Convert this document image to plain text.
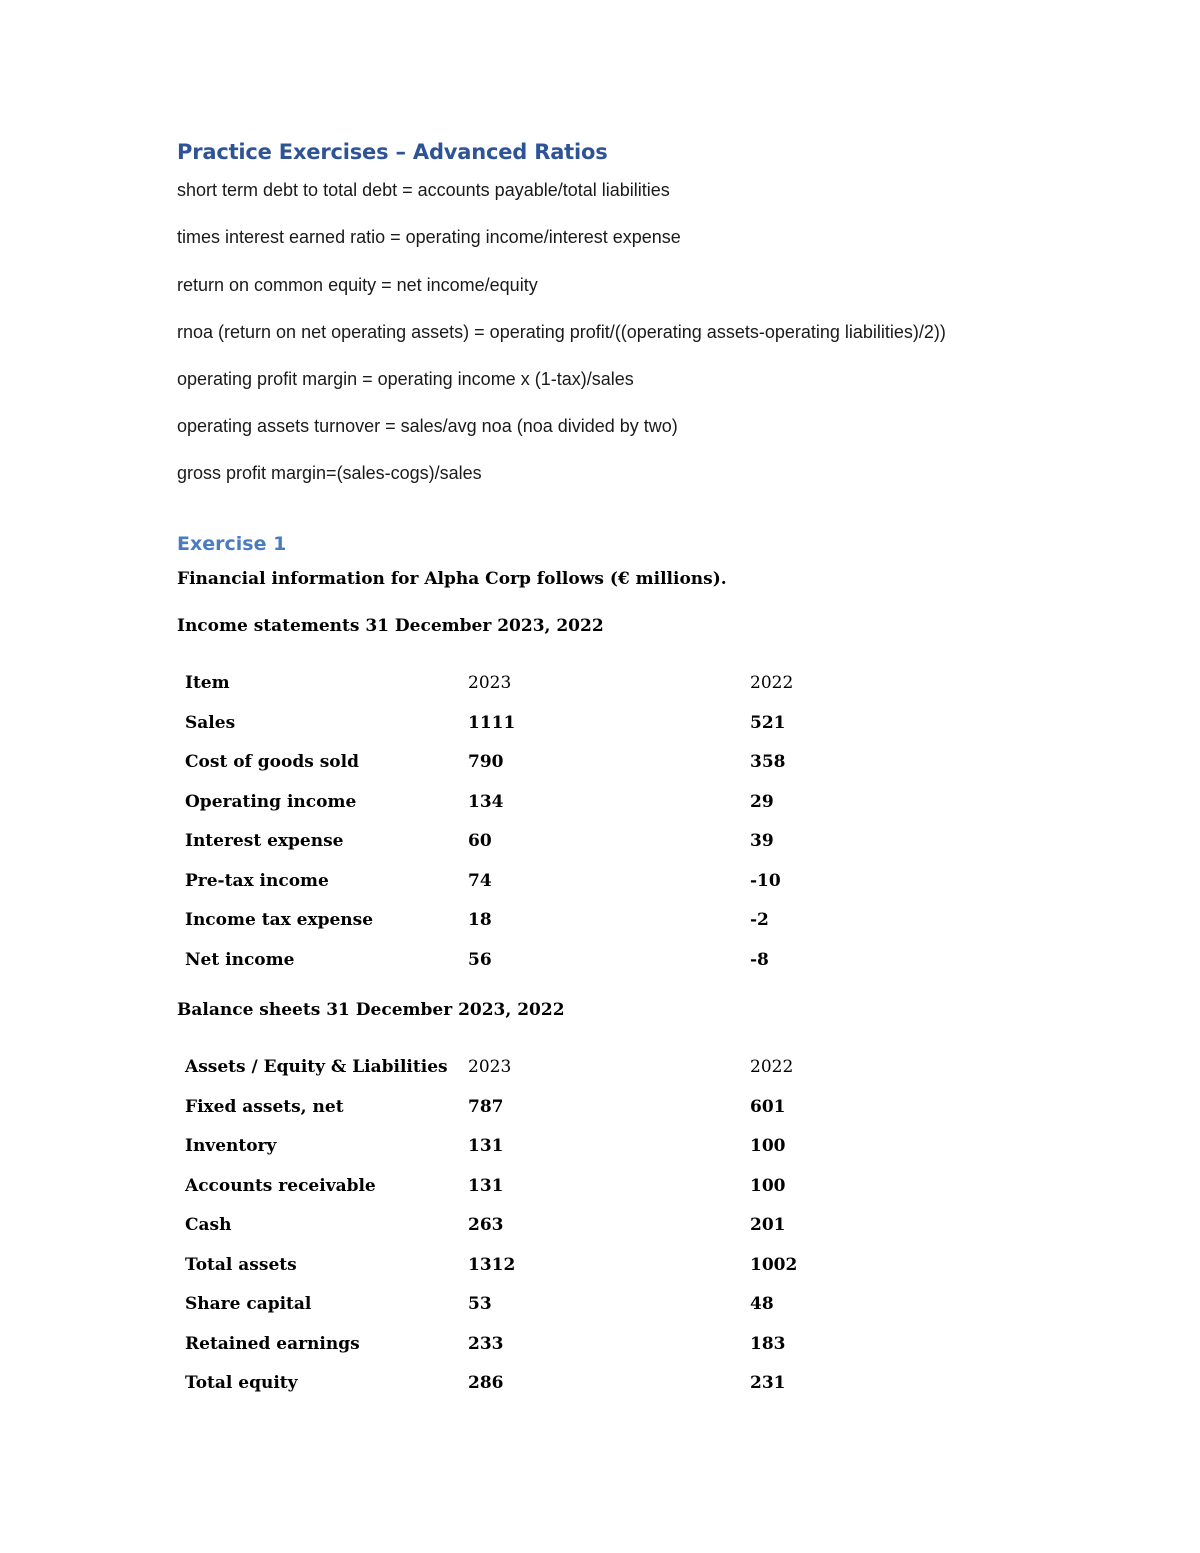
Practice Exercises – Advanced Ratios
short term debt to total debt = accounts payable/total liabilities
times interest earned ratio = operating income/interest expense
return on common equity = net income/equity
rnoa (return on net operating assets) = operating profit/((operating assets-operating liabilities)/2))
operating profit margin = operating income x (1-tax)/sales
operating assets turnover = sales/avg noa (noa divided by two)
gross profit margin=(sales-cogs)/sales
Exercise 1
Financial information for Alpha Corp follows (€ millions).
Income statements 31 December 2023, 2022
Item	2023	2022
Sales	1111	521
Cost of goods sold	790	358
Operating income	134	29
Interest expense	60	39
Pre-tax income	74	-10
Income tax expense	18	-2
Net income	56	-8
Balance sheets 31 December 2023, 2022
Assets / Equity & Liabilities 2023	2022
Fixed assets, net	787	601
Inventory	131	100
Accounts receivable	131	100
Cash	263	201
Total assets	1312	1002
Share capital	53	48
Retained earnings	233	183
Total equity	286	231
